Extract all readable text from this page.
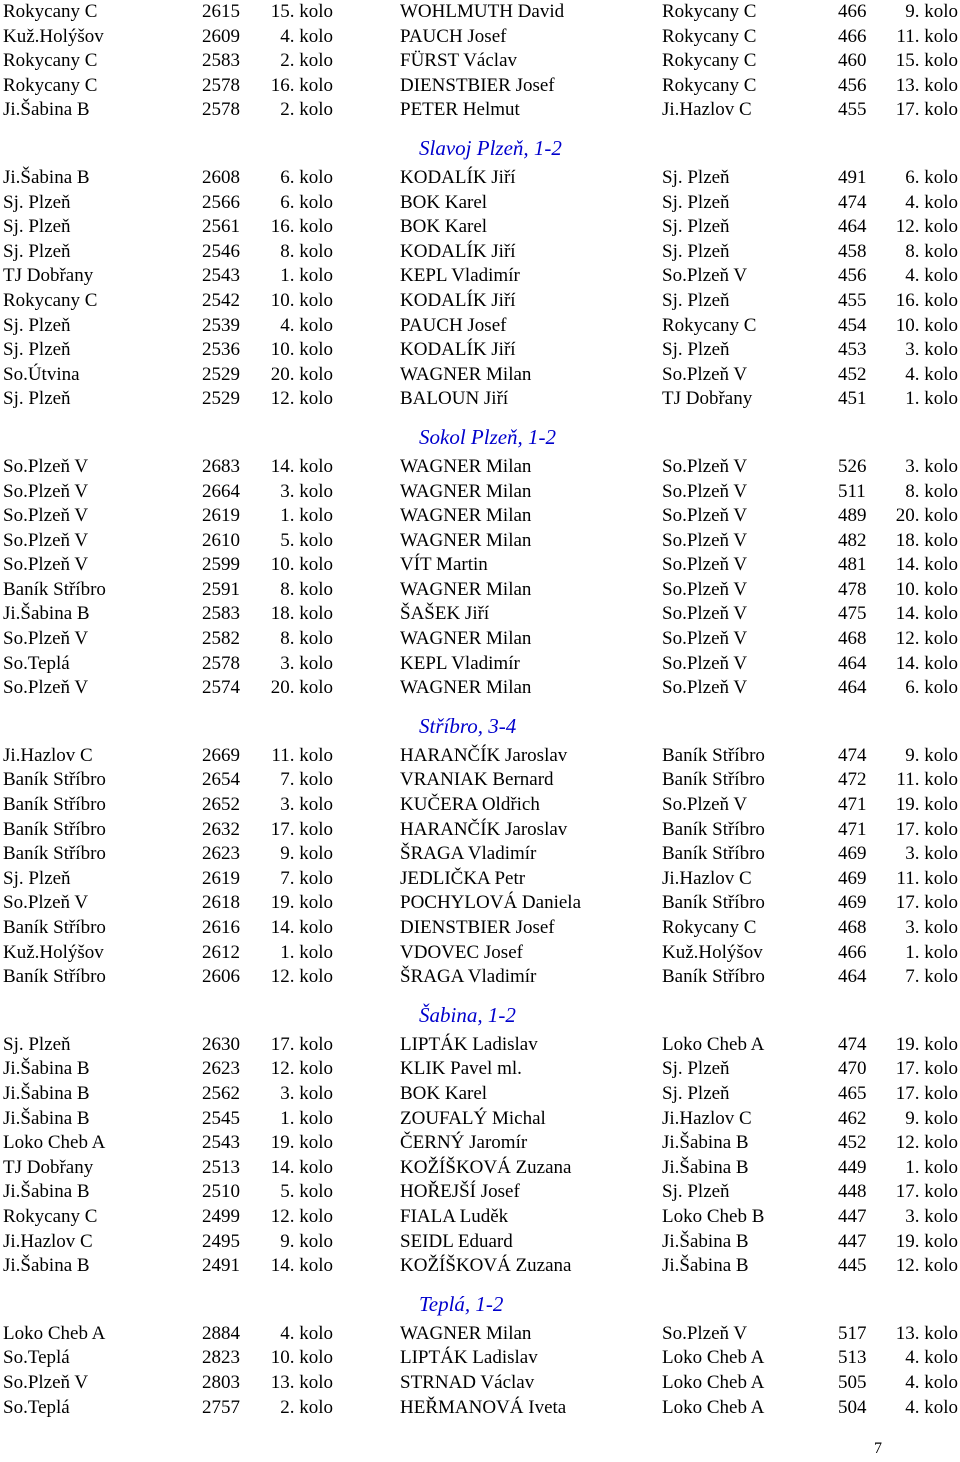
Rokycany C	2615 15. kolo	WOHLMUTH David	Rokycany C	466 9. kolo
Kuž.Holýšov	2609 4. kolo	PAUCH Josef	Rokycany C	466 11. kolo
Rokycany C	2583 2. kolo	FÜRST Václav	Rokycany C	460 15. kolo
Rokycany C	2578 16. kolo	DIENSTBIER Josef	Rokycany C	456 13. kolo
Ji.Šabina B	2578 2. kolo	PETER Helmut	Ji.Hazlov C	455 17. kolo
Slavoj Plzeň, 1-2
Ji.Šabina B	2608 6. kolo	KODALÍK Jiří	Sj. Plzeň	491 6. kolo
Sj. Plzeň	2566 6. kolo	BOK Karel	Sj. Plzeň	474 4. kolo
Sj. Plzeň	2561 16. kolo	BOK Karel	Sj. Plzeň	464 12. kolo
Sj. Plzeň	2546 8. kolo	KODALÍK Jiří	Sj. Plzeň	458 8. kolo
TJ Dobřany	2543 1. kolo	KEPL Vladimír	So.Plzeň V	456 4. kolo
Rokycany C	2542 10. kolo	KODALÍK Jiří	Sj. Plzeň	455 16. kolo
Sj. Plzeň	2539 4. kolo	PAUCH Josef	Rokycany C	454 10. kolo
Sj. Plzeň	2536 10. kolo	KODALÍK Jiří	Sj. Plzeň	453 3. kolo
So.Útvina	2529 20. kolo	WAGNER Milan	So.Plzeň V	452 4. kolo
Sj. Plzeň	2529 12. kolo	BALOUN Jiří	TJ Dobřany	451 1. kolo
Sokol Plzeň, 1-2
So.Plzeň V	2683 14. kolo	WAGNER Milan	So.Plzeň V	526 3. kolo
So.Plzeň V	2664 3. kolo	WAGNER Milan	So.Plzeň V	511 8. kolo
So.Plzeň V	2619 1. kolo	WAGNER Milan	So.Plzeň V	489 20. kolo
So.Plzeň V	2610 5. kolo	WAGNER Milan	So.Plzeň V	482 18. kolo
So.Plzeň V	2599 10. kolo	VÍT Martin	So.Plzeň V	481 14. kolo
Baník Stříbro	2591 8. kolo	WAGNER Milan	So.Plzeň V	478 10. kolo
Ji.Šabina B	2583 18. kolo	ŠAŠEK Jiří	So.Plzeň V	475 14. kolo
So.Plzeň V	2582 8. kolo	WAGNER Milan	So.Plzeň V	468 12. kolo
So.Teplá	2578 3. kolo	KEPL Vladimír	So.Plzeň V	464 14. kolo
So.Plzeň V	2574 20. kolo	WAGNER Milan	So.Plzeň V	464 6. kolo
Stříbro, 3-4
Ji.Hazlov C	2669 11. kolo	HARANČÍK Jaroslav	Baník Stříbro	474 9. kolo
Baník Stříbro	2654 7. kolo	VRANIAK Bernard	Baník Stříbro	472 11. kolo
Baník Stříbro	2652 3. kolo	KUČERA Oldřich	So.Plzeň V	471 19. kolo
Baník Stříbro	2632 17. kolo	HARANČÍK Jaroslav	Baník Stříbro	471 17. kolo
Baník Stříbro	2623 9. kolo	ŠRAGA Vladimír	Baník Stříbro	469 3. kolo
Sj. Plzeň	2619 7. kolo	JEDLIČKA Petr	Ji.Hazlov C	469 11. kolo
So.Plzeň V	2618 19. kolo	POCHYLOVÁ Daniela	Baník Stříbro	469 17. kolo
Baník Stříbro	2616 14. kolo	DIENSTBIER Josef	Rokycany C	468 3. kolo
Kuž.Holýšov	2612 1. kolo	VDOVEC Josef	Kuž.Holýšov	466 1. kolo
Baník Stříbro	2606 12. kolo	ŠRAGA Vladimír	Baník Stříbro	464 7. kolo
Šabina, 1-2
Sj. Plzeň	2630 17. kolo	LIPTÁK Ladislav	Loko Cheb A	474 19. kolo
Ji.Šabina B	2623 12. kolo	KLIK Pavel ml.	Sj. Plzeň	470 17. kolo
Ji.Šabina B	2562 3. kolo	BOK Karel	Sj. Plzeň	465 17. kolo
Ji.Šabina B	2545 1. kolo	ZOUFALÝ Michal	Ji.Hazlov C	462 9. kolo
Loko Cheb A	2543 19. kolo	ČERNÝ Jaromír	Ji.Šabina B	452 12. kolo
TJ Dobřany	2513 14. kolo	KOŽÍŠKOVÁ Zuzana	Ji.Šabina B	449 1. kolo
Ji.Šabina B	2510 5. kolo	HOŘEJŠÍ Josef	Sj. Plzeň	448 17. kolo
Rokycany C	2499 12. kolo	FIALA Luděk	Loko Cheb B	447 3. kolo
Ji.Hazlov C	2495 9. kolo	SEIDL Eduard	Ji.Šabina B	447 19. kolo
Ji.Šabina B	2491 14. kolo	KOŽÍŠKOVÁ Zuzana	Ji.Šabina B	445 12. kolo
Teplá, 1-2
Loko Cheb A	2884 4. kolo	WAGNER Milan	So.Plzeň V	517 13. kolo
So.Teplá	2823 10. kolo	LIPTÁK Ladislav	Loko Cheb A	513 4. kolo
So.Plzeň V	2803 13. kolo	STRNAD Václav	Loko Cheb A	505 4. kolo
So.Teplá	2757 2. kolo	HEŘMANOVÁ Iveta	Loko Cheb A	504 4. kolo
7
